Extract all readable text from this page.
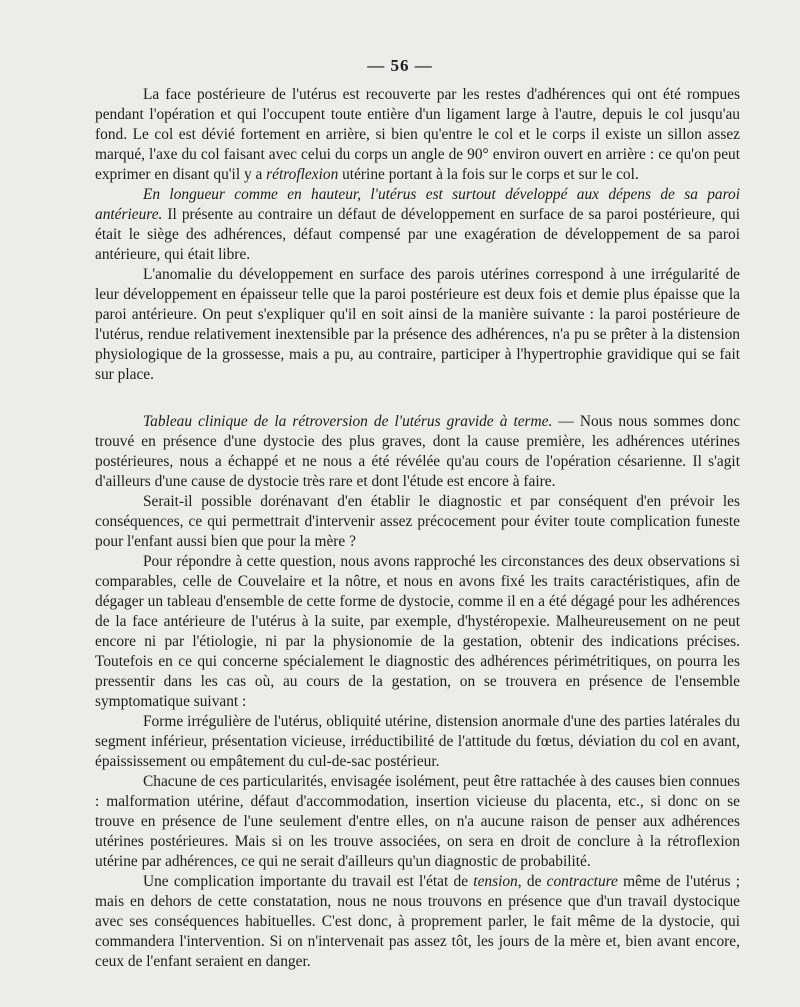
— 56 —

La face postérieure de l'utérus est recouverte par les restes d'adhérences qui ont été rompues pendant l'opération et qui l'occupent toute entière d'un ligament large à l'autre, depuis le col jusqu'au fond. Le col est dévié fortement en arrière, si bien qu'entre le col et le corps il existe un sillon assez marqué, l'axe du col faisant avec celui du corps un angle de 90° environ ouvert en arrière : ce qu'on peut exprimer en disant qu'il y a rétroflexion utérine portant à la fois sur le corps et sur le col.

En longueur comme en hauteur, l'utérus est surtout développé aux dépens de sa paroi antérieure. Il présente au contraire un défaut de développement en surface de sa paroi postérieure, qui était le siège des adhérences, défaut compensé par une exagération de développement de sa paroi antérieure, qui était libre.

L'anomalie du développement en surface des parois utérines correspond à une irrégularité de leur développement en épaisseur telle que la paroi postérieure est deux fois et demie plus épaisse que la paroi antérieure. On peut s'expliquer qu'il en soit ainsi de la manière suivante : la paroi postérieure de l'utérus, rendue relativement inextensible par la présence des adhérences, n'a pu se prêter à la distension physiologique de la grossesse, mais a pu, au contraire, participer à l'hypertrophie gravidique qui se fait sur place.

Tableau clinique de la rétroversion de l'utérus gravide à terme. — Nous nous sommes donc trouvé en présence d'une dystocie des plus graves, dont la cause première, les adhérences utérines postérieures, nous a échappé et ne nous a été révélée qu'au cours de l'opération césarienne. Il s'agit d'ailleurs d'une cause de dystocie très rare et dont l'étude est encore à faire.

Serait-il possible dorénavant d'en établir le diagnostic et par conséquent d'en prévoir les conséquences, ce qui permettrait d'intervenir assez précocement pour éviter toute complication funeste pour l'enfant aussi bien que pour la mère ?

Pour répondre à cette question, nous avons rapproché les circonstances des deux observations si comparables, celle de Couvelaire et la nôtre, et nous en avons fixé les traits caractéristiques, afin de dégager un tableau d'ensemble de cette forme de dystocie, comme il en a été dégagé pour les adhérences de la face antérieure de l'utérus à la suite, par exemple, d'hystéropexie. Malheureusement on ne peut encore ni par l'étiologie, ni par la physionomie de la gestation, obtenir des indications précises. Toutefois en ce qui concerne spécialement le diagnostic des adhérences périmétritiques, on pourra les pressentir dans les cas où, au cours de la gestation, on se trouvera en présence de l'ensemble symptomatique suivant :

Forme irrégulière de l'utérus, obliquité utérine, distension anormale d'une des parties latérales du segment inférieur, présentation vicieuse, irréductibilité de l'attitude du fœtus, déviation du col en avant, épaississement ou empâtement du cul-de-sac postérieur.

Chacune de ces particularités, envisagée isolément, peut être rattachée à des causes bien connues : malformation utérine, défaut d'accommodation, insertion vicieuse du placenta, etc., si donc on se trouve en présence de l'une seulement d'entre elles, on n'a aucune raison de penser aux adhérences utérines postérieures. Mais si on les trouve associées, on sera en droit de conclure à la rétroflexion utérine par adhérences, ce qui ne serait d'ailleurs qu'un diagnostic de probabilité.

Une complication importante du travail est l'état de tension, de contracture même de l'utérus ; mais en dehors de cette constatation, nous ne nous trouvons en présence que d'un travail dystocique avec ses conséquences habituelles. C'est donc, à proprement parler, le fait même de la dystocie, qui commandera l'intervention. Si on n'intervenait pas assez tôt, les jours de la mère et, bien avant encore, ceux de l'enfant seraient en danger.
